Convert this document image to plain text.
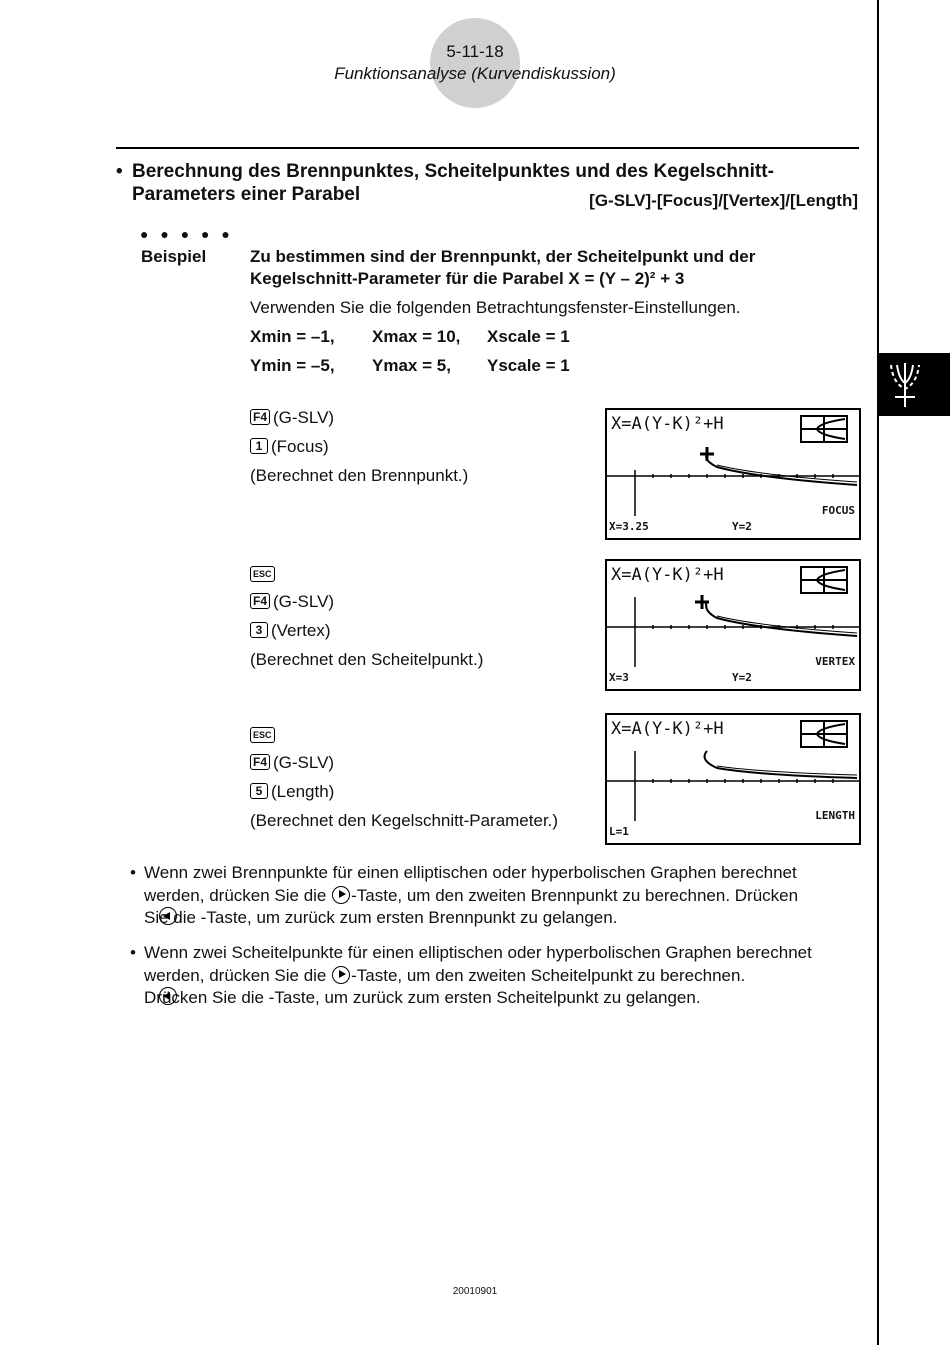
5-11-18
Funktionsanalyse (Kurvendiskussion)
• Berechnung des Brennpunktes, Scheitelpunktes und des Kegelschnitt-
Parameters einer Parabel	[G-SLV]-[Focus]/[Vertex]/[Length]
● ● ● ● ●
Beispiel	Zu bestimmen sind der Brennpunkt, der Scheitelpunkt und der
Kegelschnitt-Parameter für die Parabel X = (Y – 2)² + 3
Verwenden Sie die folgenden Betrachtungsfenster-Einstellungen.
Xmin = –1, Xmax = 10, Xscale = 1
Ymin = –5, Ymax = 5, Yscale = 1
F4 (G-SLV)
1 (Focus)
(Berechnet den Brennpunkt.)
X=A(Y-K)²+H
FOCUS
X=3.25	Y=2
ESC
F4 (G-SLV)
3 (Vertex)
(Berechnet den Scheitelpunkt.)
X=A(Y-K)²+H
VERTEX
X=3	Y=2
ESC
F4 (G-SLV)
5 (Length)
(Berechnet den Kegelschnitt-Parameter.)
X=A(Y-K)²+H
LENGTH
L=1
• Wenn zwei Brennpunkte für einen elliptischen oder hyperbolischen Graphen berechnet
werden, drücken Sie die -Taste, um den zweiten Brennpunkt zu berechnen. Drücken
Sie die
-Taste, um zurück zum ersten Brennpunkt zu gelangen.
• Wenn zwei Scheitelpunkte für einen elliptischen oder hyperbolischen Graphen berechnet
werden, drücken Sie die -Taste, um den zweiten Scheitelpunkt zu berechnen.
Drücken Sie die
-Taste, um zurück zum ersten Scheitelpunkt zu gelangen.
20010901
